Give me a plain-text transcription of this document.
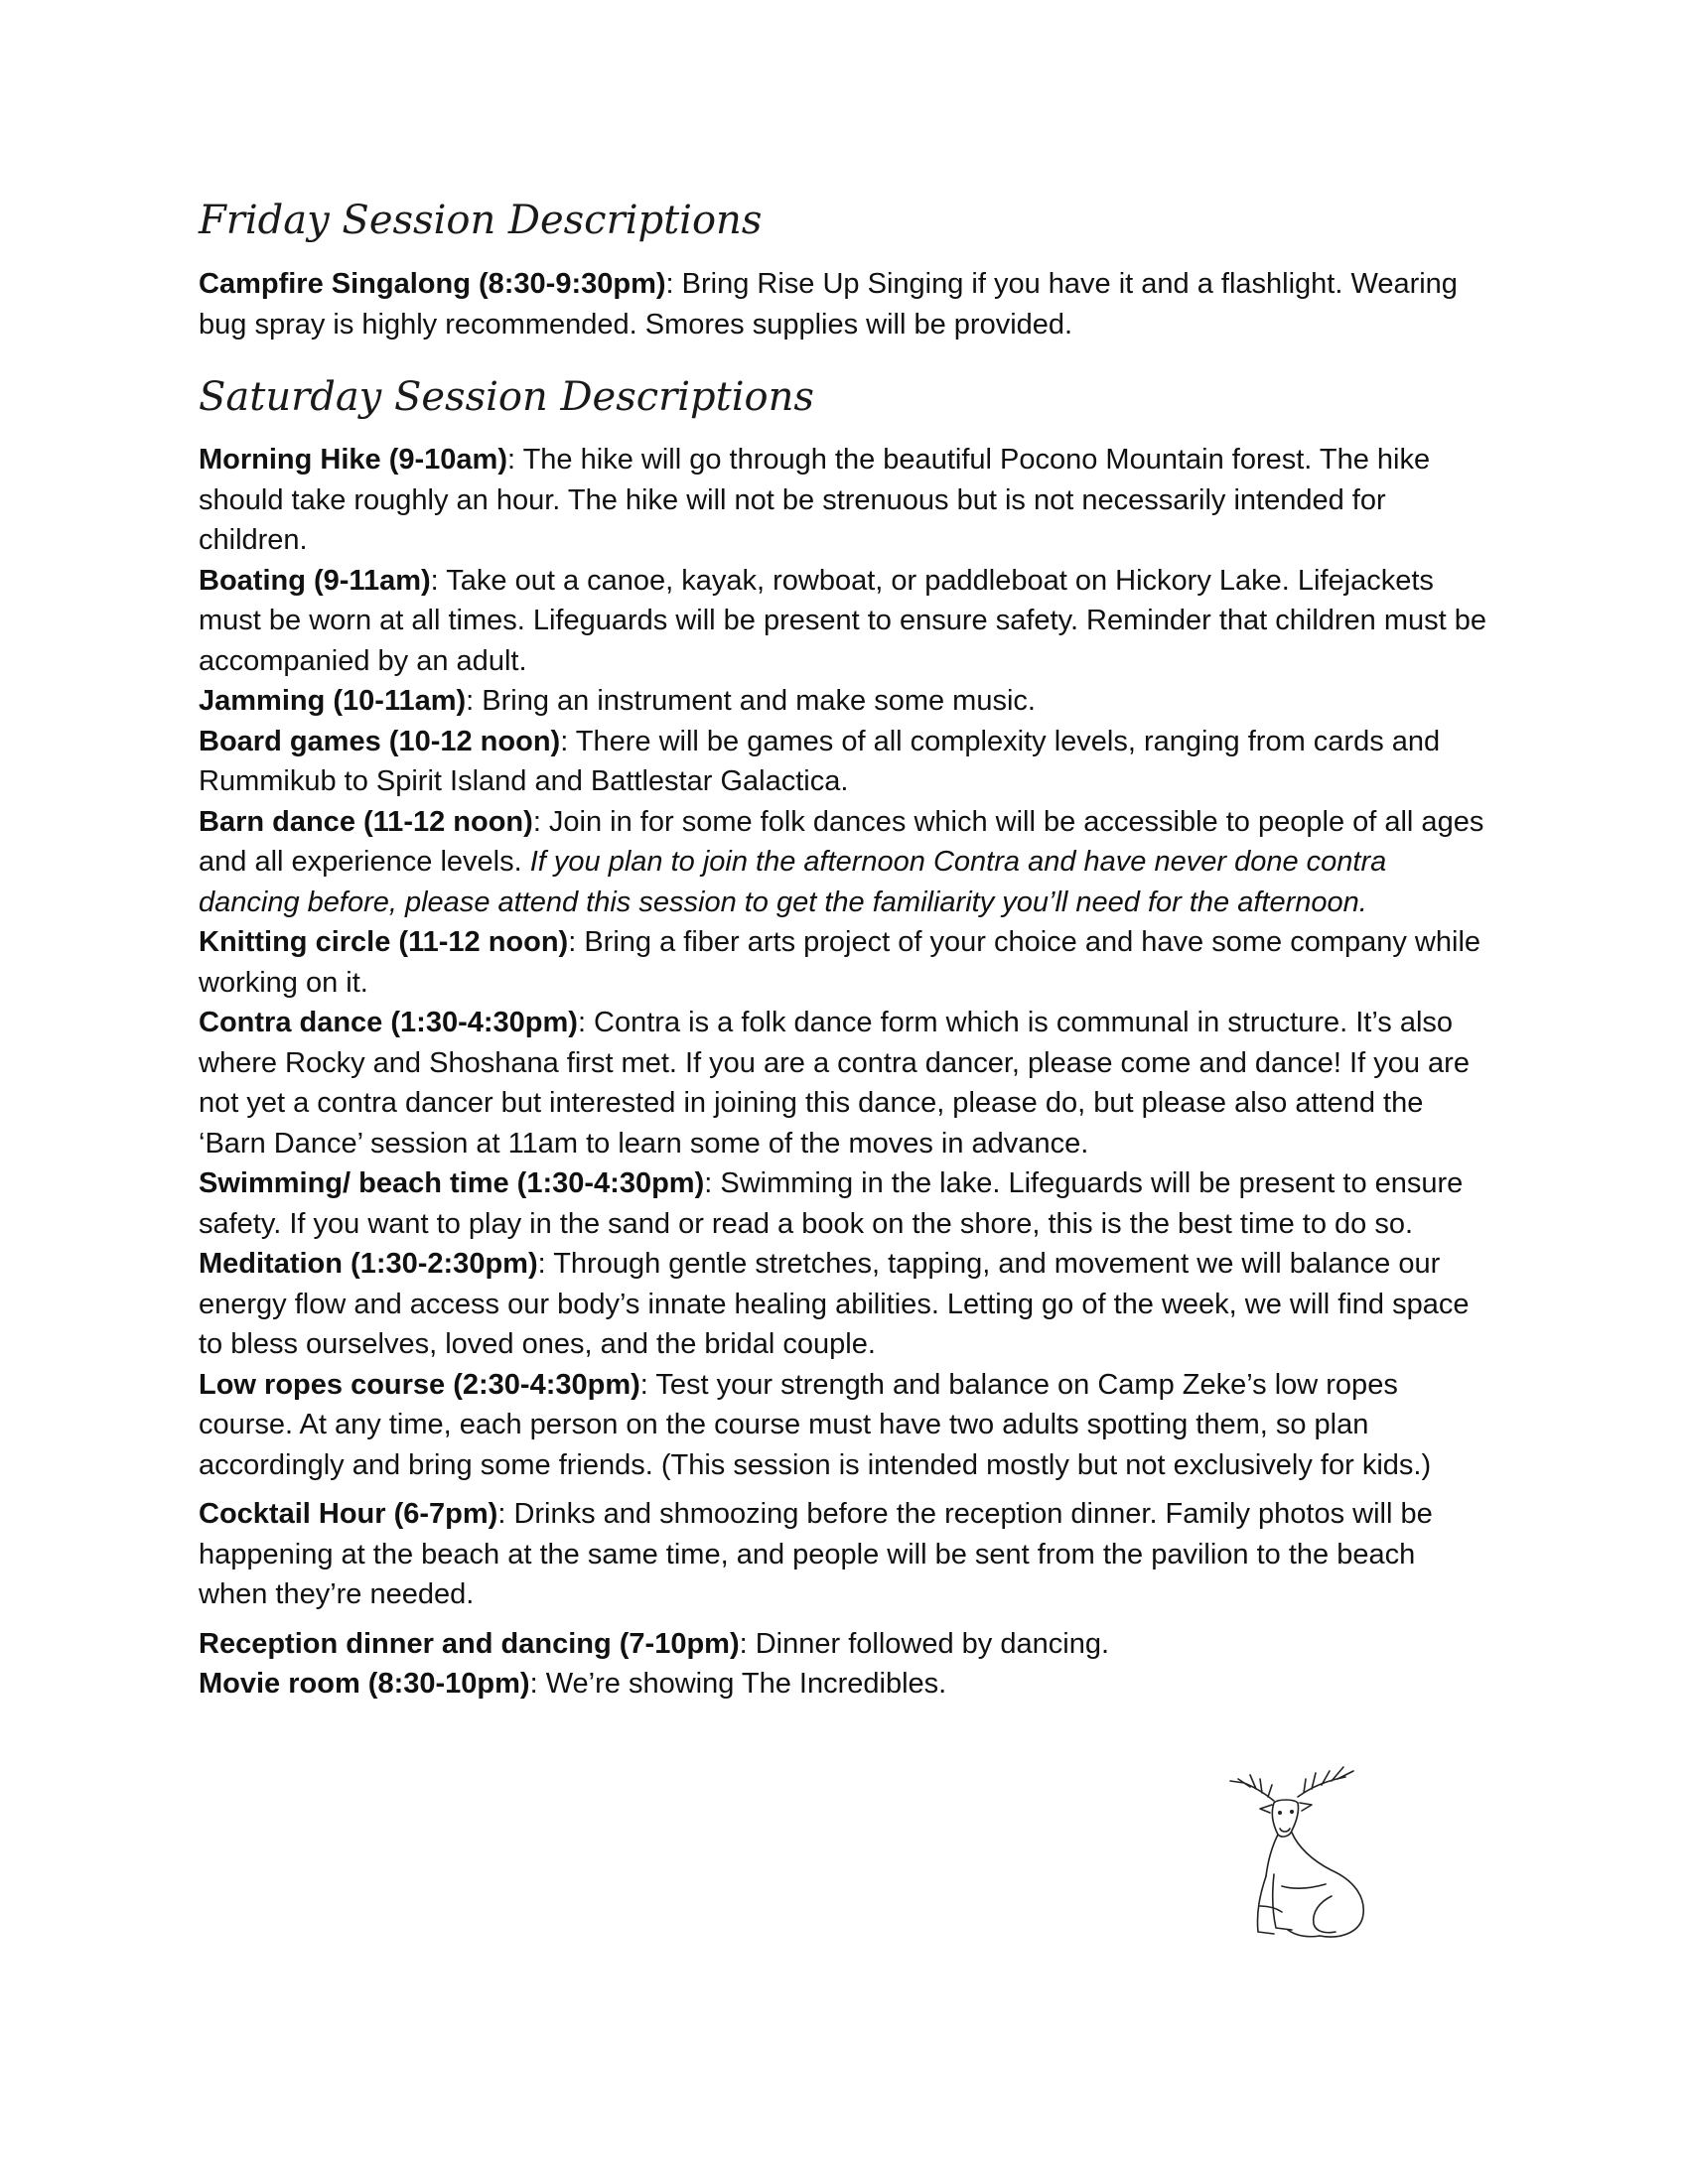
Friday Session Descriptions

Campfire Singalong (8:30-9:30pm): Bring Rise Up Singing if you have it and a flashlight. Wearing bug spray is highly recommended. Smores supplies will be provided.

Saturday Session Descriptions

Morning Hike (9-10am): The hike will go through the beautiful Pocono Mountain forest. The hike should take roughly an hour. The hike will not be strenuous but is not necessarily intended for children.

Boating (9-11am): Take out a canoe, kayak, rowboat, or paddleboat on Hickory Lake. Lifejackets must be worn at all times. Lifeguards will be present to ensure safety. Reminder that children must be accompanied by an adult.

Jamming (10-11am): Bring an instrument and make some music.

Board games (10-12 noon): There will be games of all complexity levels, ranging from cards and Rummikub to Spirit Island and Battlestar Galactica.

Barn dance (11-12 noon): Join in for some folk dances which will be accessible to people of all ages and all experience levels. If you plan to join the afternoon Contra and have never done contra dancing before, please attend this session to get the familiarity you’ll need for the afternoon.

Knitting circle (11-12 noon): Bring a fiber arts project of your choice and have some company while working on it.

Contra dance (1:30-4:30pm): Contra is a folk dance form which is communal in structure. It’s also where Rocky and Shoshana first met. If you are a contra dancer, please come and dance! If you are not yet a contra dancer but interested in joining this dance, please do, but please also attend the ‘Barn Dance’ session at 11am to learn some of the moves in advance.

Swimming/ beach time (1:30-4:30pm): Swimming in the lake. Lifeguards will be present to ensure safety. If you want to play in the sand or read a book on the shore, this is the best time to do so.

Meditation (1:30-2:30pm): Through gentle stretches, tapping, and movement we will balance our energy flow and access our body’s innate healing abilities. Letting go of the week, we will find space to bless ourselves, loved ones, and the bridal couple.

Low ropes course (2:30-4:30pm): Test your strength and balance on Camp Zeke’s low ropes course. At any time, each person on the course must have two adults spotting them, so plan accordingly and bring some friends. (This session is intended mostly but not exclusively for kids.)

Cocktail Hour (6-7pm): Drinks and shmoozing before the reception dinner. Family photos will be happening at the beach at the same time, and people will be sent from the pavilion to the beach when they’re needed.

Reception dinner and dancing (7-10pm): Dinner followed by dancing.

Movie room (8:30-10pm): We’re showing The Incredibles.
